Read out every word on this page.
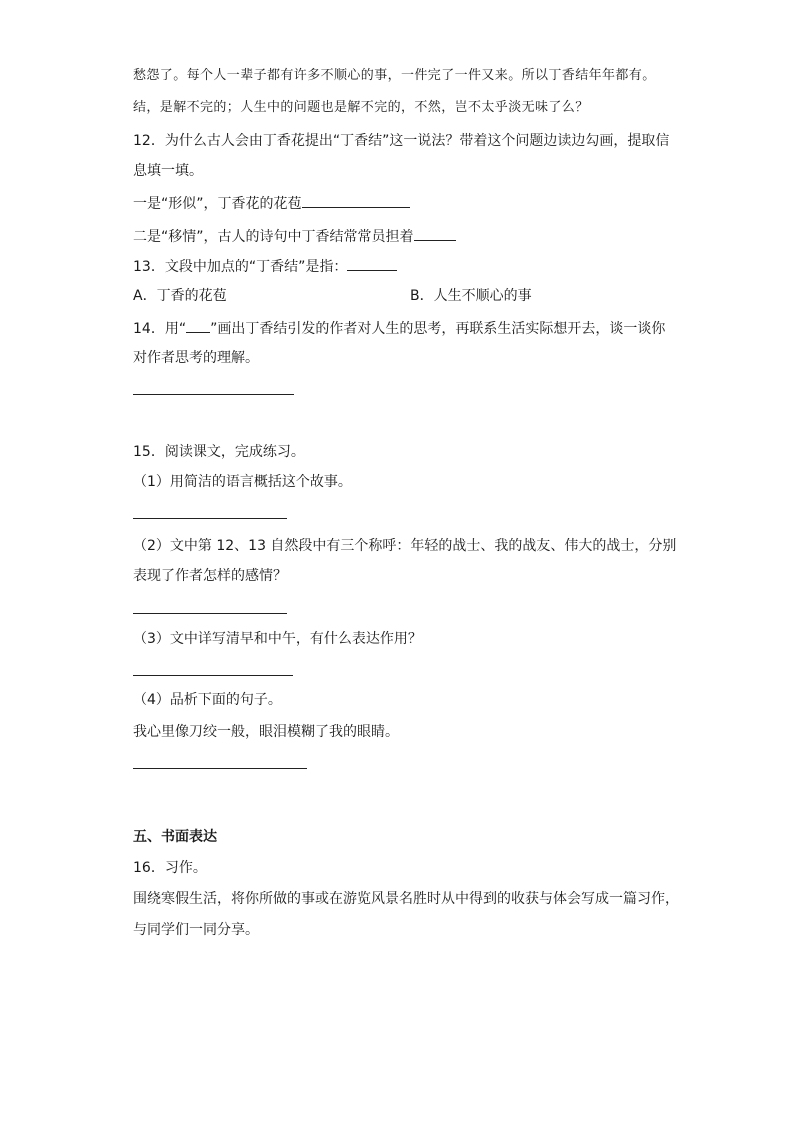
愁怨了。每个人一辈子都有许多不顺心的事，一件完了一件又来。所以丁香结年年都有。
结，是解不完的；人生中的问题也是解不完的，不然，岂不太乎淡无味了么？
12．为什么古人会由丁香花提出“丁香结”这一说法？带着这个问题边读边勾画，提取信
息填一填。
一是“形似”，丁香花的花苞
二是“移情”，古人的诗句中丁香结常常员担着
13．文段中加点的“丁香结”是指：
A．丁香的花苞	B．人生不顺心的事
14．用“ ”画出丁香结引发的作者对人生的思考，再联系生活实际想开去，谈一谈你
对作者思考的理解。
15．阅读课文，完成练习。
（1）用简洁的语言概括这个故事。
（2）文中第 12、13 自然段中有三个称呼：年轻的战士、我的战友、伟大的战士，分别
表现了作者怎样的感情？
（3）文中详写清早和中午，有什么表达作用？
（4）品析下面的句子。
我心里像刀绞一般，眼泪模糊了我的眼睛。
五、书面表达
16．习作。
围绕寒假生活，将你所做的事或在游览风景名胜时从中得到的收获与体会写成一篇习作，
与同学们一同分享。
